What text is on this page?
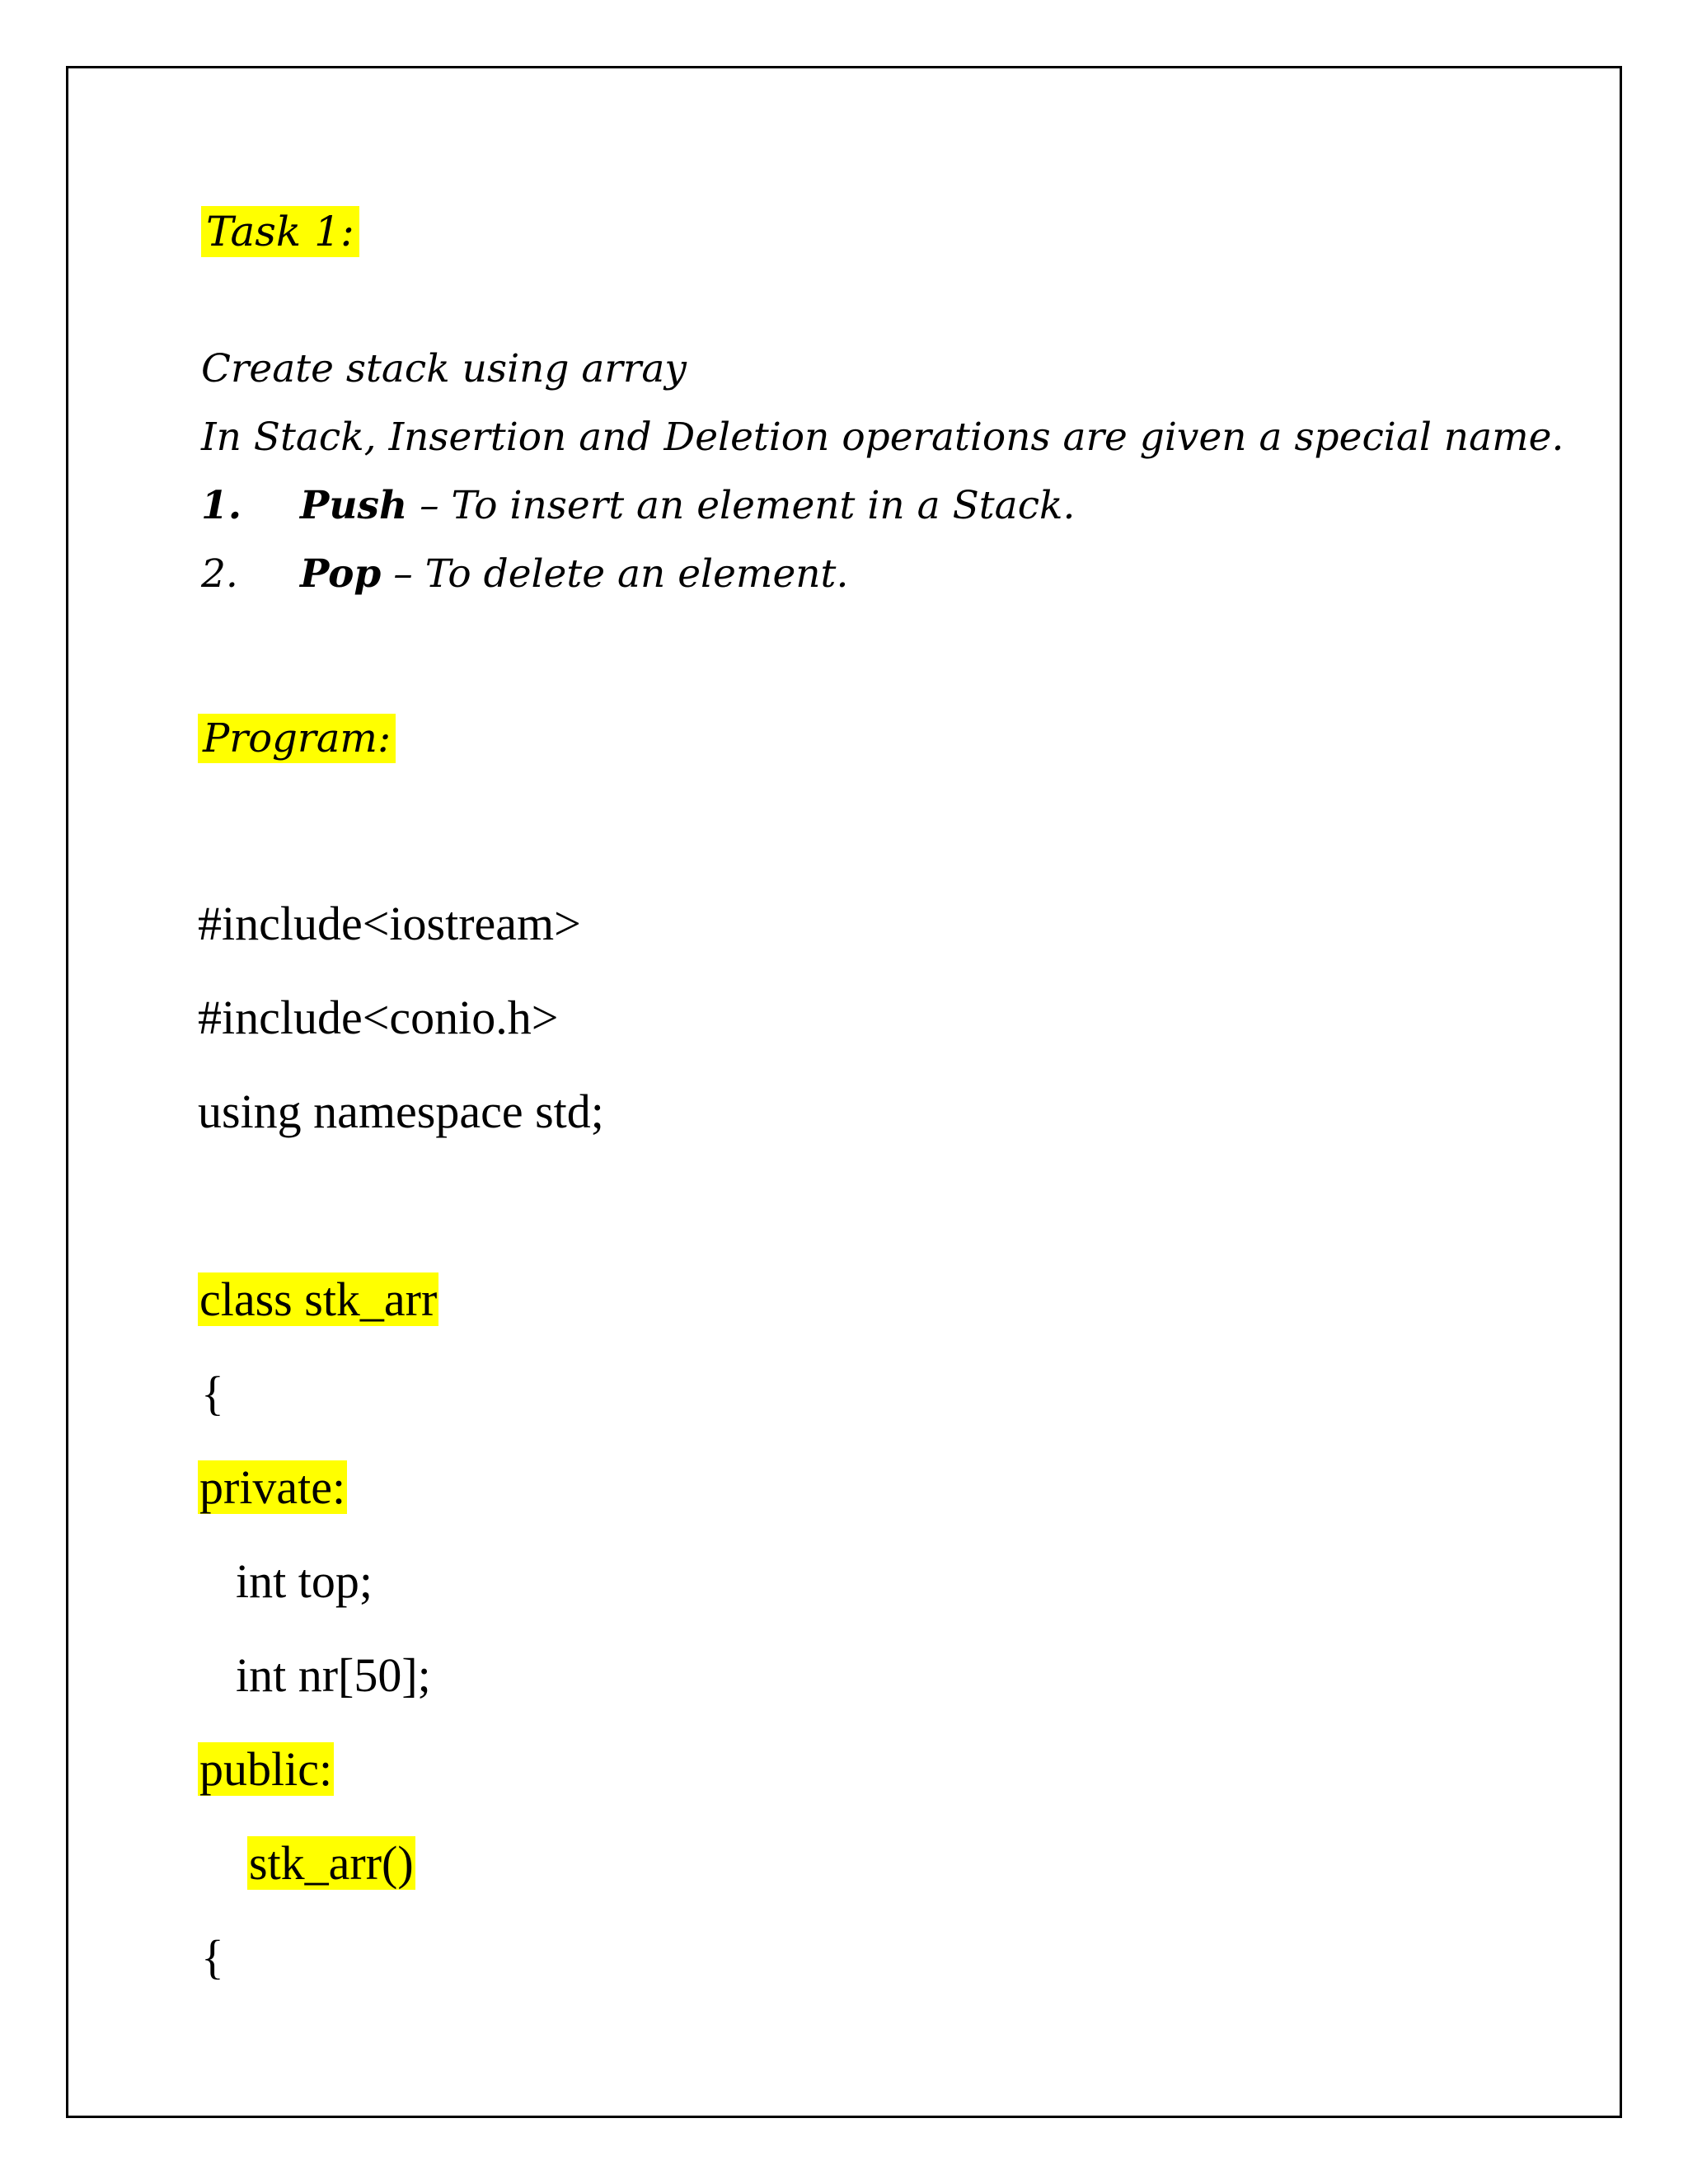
Task 1:
Create stack using array
In Stack, Insertion and Deletion operations are given a special name.
1. Push – To insert an element in a Stack.
2. Pop – To delete an element.
Program:
#include<iostream>
#include<conio.h>
using namespace std;
class stk_arr
{
private:
int top;
int nr[50];
public:
stk_arr()
{
